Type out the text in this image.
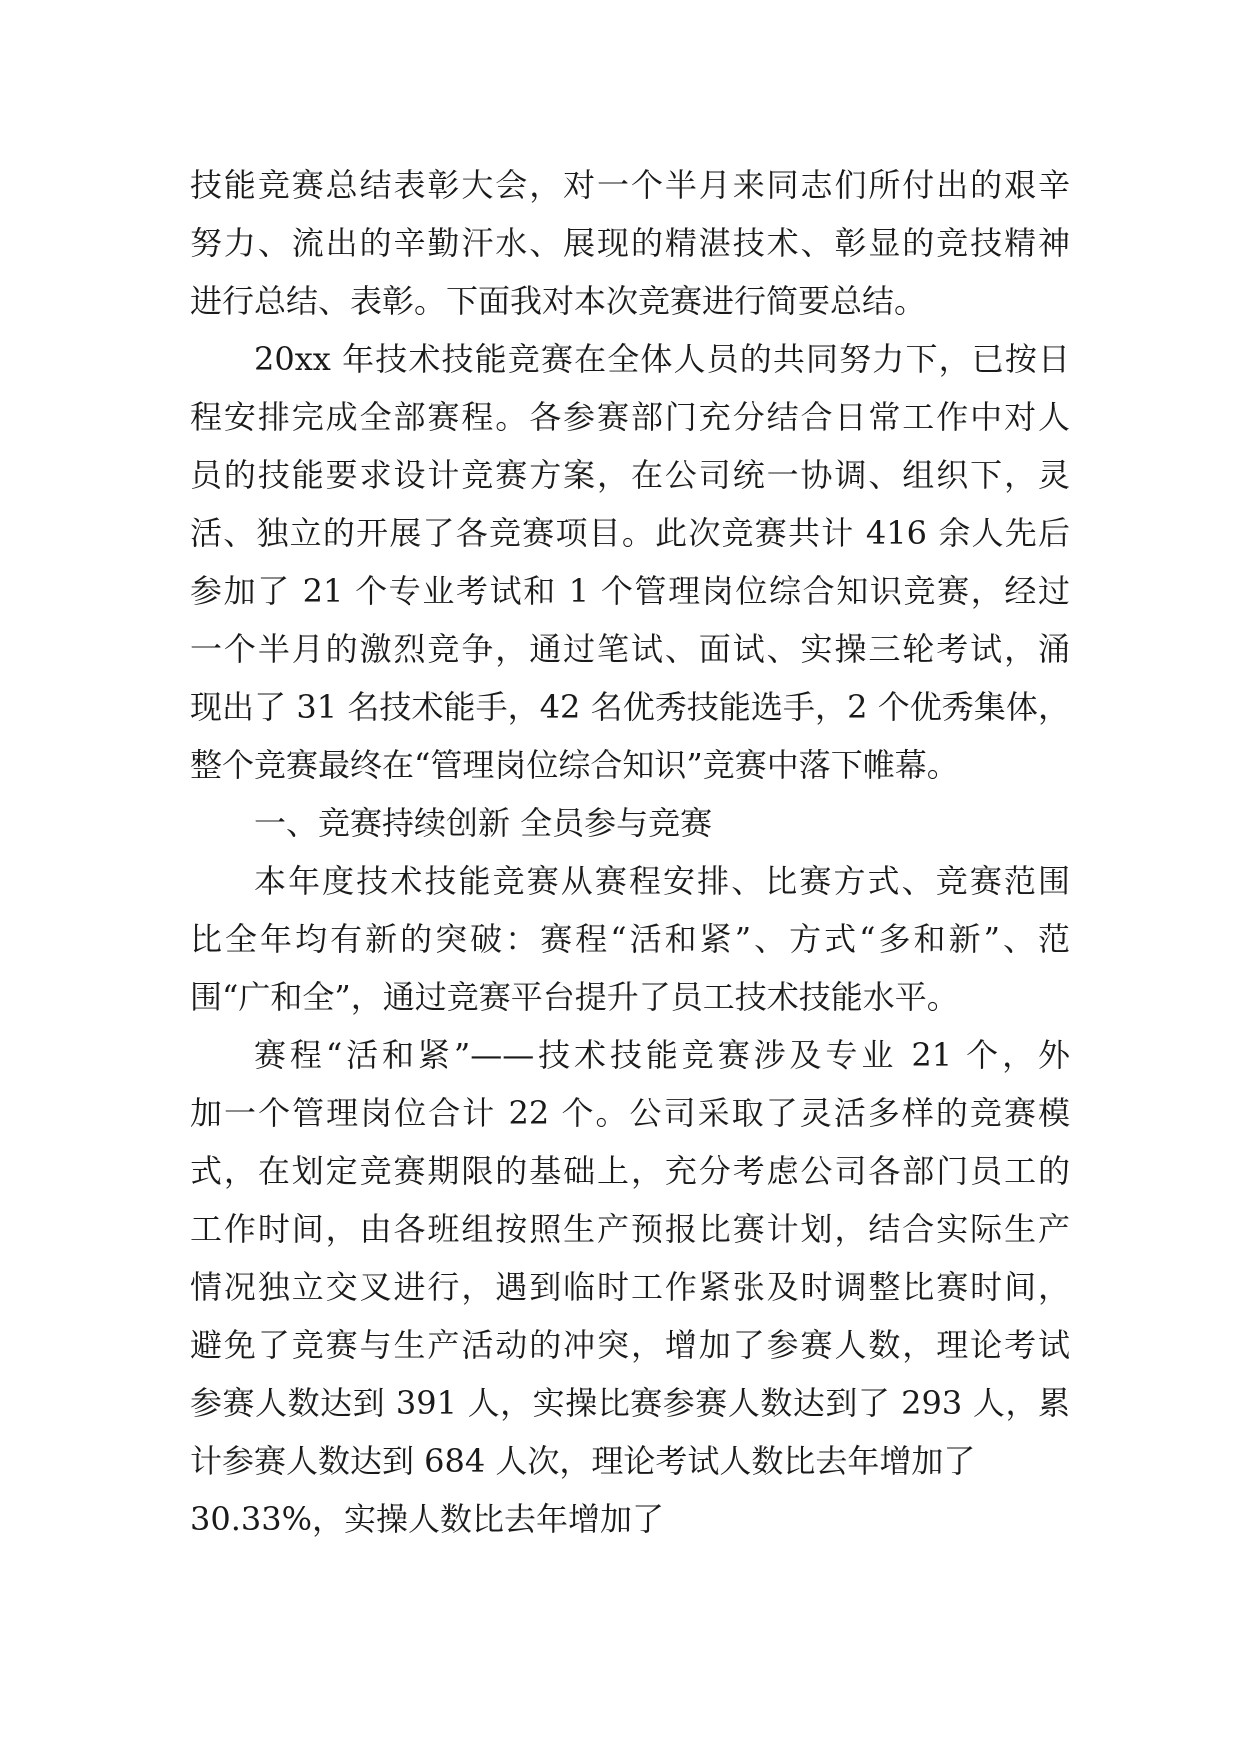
技能竞赛总结表彰大会，对一个半月来同志们所付出的艰辛
努力、流出的辛勤汗水、展现的精湛技术、彰显的竞技精神
进行总结、表彰。下面我对本次竞赛进行简要总结。
20xx 年技术技能竞赛在全体人员的共同努力下，已按日
程安排完成全部赛程。各参赛部门充分结合日常工作中对人
员的技能要求设计竞赛方案，在公司统一协调、组织下，灵
活、独立的开展了各竞赛项目。此次竞赛共计 416 余人先后
参加了 21 个专业考试和 1 个管理岗位综合知识竞赛，经过
一个半月的激烈竞争，通过笔试、面试、实操三轮考试，涌
现出了 31 名技术能手，42 名优秀技能选手，2 个优秀集体，
整个竞赛最终在“管理岗位综合知识”竞赛中落下帷幕。
一、竞赛持续创新 全员参与竞赛
本年度技术技能竞赛从赛程安排、比赛方式、竞赛范围
比全年均有新的突破：赛程“活和紧”、方式“多和新”、范
围“广和全”，通过竞赛平台提升了员工技术技能水平。
赛程“活和紧”——技术技能竞赛涉及专业 21 个，外
加一个管理岗位合计 22 个。公司采取了灵活多样的竞赛模
式，在划定竞赛期限的基础上，充分考虑公司各部门员工的
工作时间，由各班组按照生产预报比赛计划，结合实际生产
情况独立交叉进行，遇到临时工作紧张及时调整比赛时间，
避免了竞赛与生产活动的冲突，增加了参赛人数，理论考试
参赛人数达到 391 人，实操比赛参赛人数达到了 293 人，累
计参赛人数达到 684 人次，理论考试人数比去年增加了
30.33%，实操人数比去年增加了
